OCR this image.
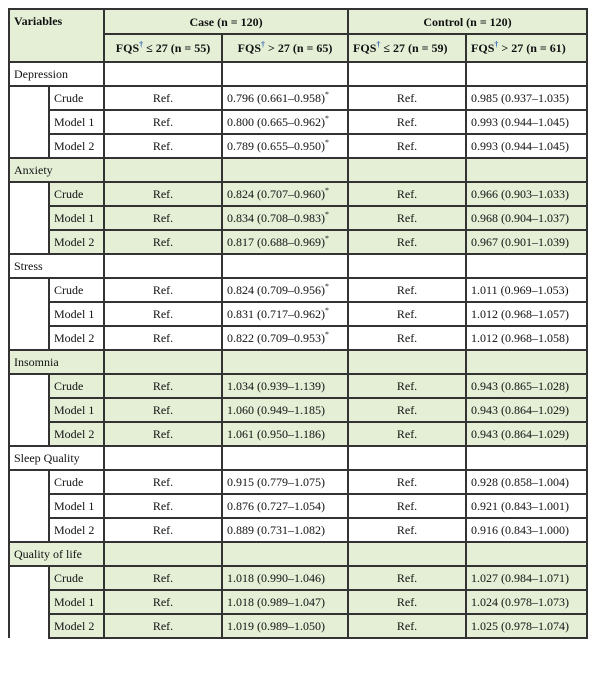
Variables		Case (n = 120)		Control (n = 120)	
		FQS† ≤ 27 (n = 55)	FQS† > 27 (n = 65)	FQS† ≤ 27 (n = 59)	FQS† > 27 (n = 61)
Depression					
	Crude	Ref.	0.796 (0.661–0.958)*	Ref.	0.985 (0.937–1.035)
	Model 1	Ref.	0.800 (0.665–0.962)*	Ref.	0.993 (0.944–1.045)
	Model 2	Ref.	0.789 (0.655–0.950)*	Ref.	0.993 (0.944–1.045)
Anxiety					
	Crude	Ref.	0.824 (0.707–0.960)*	Ref.	0.966 (0.903–1.033)
	Model 1	Ref.	0.834 (0.708–0.983)*	Ref.	0.968 (0.904–1.037)
	Model 2	Ref.	0.817 (0.688–0.969)*	Ref.	0.967 (0.901–1.039)
Stress					
	Crude	Ref.	0.824 (0.709–0.956)*	Ref.	1.011 (0.969–1.053)
	Model 1	Ref.	0.831 (0.717–0.962)*	Ref.	1.012 (0.968–1.057)
	Model 2	Ref.	0.822 (0.709–0.953)*	Ref.	1.012 (0.968–1.058)
Insomnia					
	Crude	Ref.	1.034 (0.939–1.139)	Ref.	0.943 (0.865–1.028)
	Model 1	Ref.	1.060 (0.949–1.185)	Ref.	0.943 (0.864–1.029)
	Model 2	Ref.	1.061 (0.950–1.186)	Ref.	0.943 (0.864–1.029)
Sleep Quality					
	Crude	Ref.	0.915 (0.779–1.075)	Ref.	0.928 (0.858–1.004)
	Model 1	Ref.	0.876 (0.727–1.054)	Ref.	0.921 (0.843–1.001)
	Model 2	Ref.	0.889 (0.731–1.082)	Ref.	0.916 (0.843–1.000)
Quality of life					
	Crude	Ref.	1.018 (0.990–1.046)	Ref.	1.027 (0.984–1.071)
	Model 1	Ref.	1.018 (0.989–1.047)	Ref.	1.024 (0.978–1.073)
	Model 2	Ref.	1.019 (0.989–1.050)	Ref.	1.025 (0.978–1.074)
